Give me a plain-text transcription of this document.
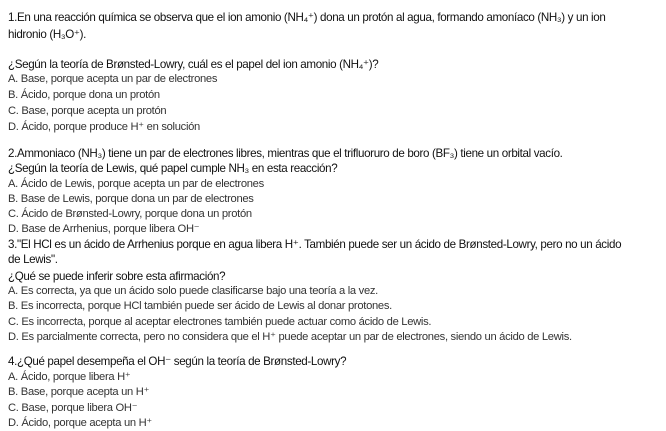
1.En una reacción química se observa que el ion amonio (NH₄⁺) dona un protón al agua, formando amoníaco (NH₃) y un ion
hidronio (H₃O⁺).
¿Según la teoría de Brønsted-Lowry, cuál es el papel del ion amonio (NH₄⁺)?
A. Base, porque acepta un par de electrones
B. Ácido, porque dona un protón
C. Base, porque acepta un protón
D. Ácido, porque produce H⁺ en solución
2.Ammoniaco (NH₃) tiene un par de electrones libres, mientras que el trifluoruro de boro (BF₃) tiene un orbital vacío.
¿Según la teoría de Lewis, qué papel cumple NH₃ en esta reacción?
A. Ácido de Lewis, porque acepta un par de electrones
B. Base de Lewis, porque dona un par de electrones
C. Ácido de Brønsted-Lowry, porque dona un protón
D. Base de Arrhenius, porque libera OH⁻
3."El HCl es un ácido de Arrhenius porque en agua libera H⁺. También puede ser un ácido de Brønsted-Lowry, pero no un ácido
de Lewis".
¿Qué se puede inferir sobre esta afirmación?
A. Es correcta, ya que un ácido solo puede clasificarse bajo una teoría a la vez.
B. Es incorrecta, porque HCl también puede ser ácido de Lewis al donar protones.
C. Es incorrecta, porque al aceptar electrones también puede actuar como ácido de Lewis.
D. Es parcialmente correcta, pero no considera que el H⁺ puede aceptar un par de electrones, siendo un ácido de Lewis.
4.¿Qué papel desempeña el OH⁻ según la teoría de Brønsted-Lowry?
A. Ácido, porque libera H⁺
B. Base, porque acepta un H⁺
C. Base, porque libera OH⁻
D. Ácido, porque acepta un H⁺
